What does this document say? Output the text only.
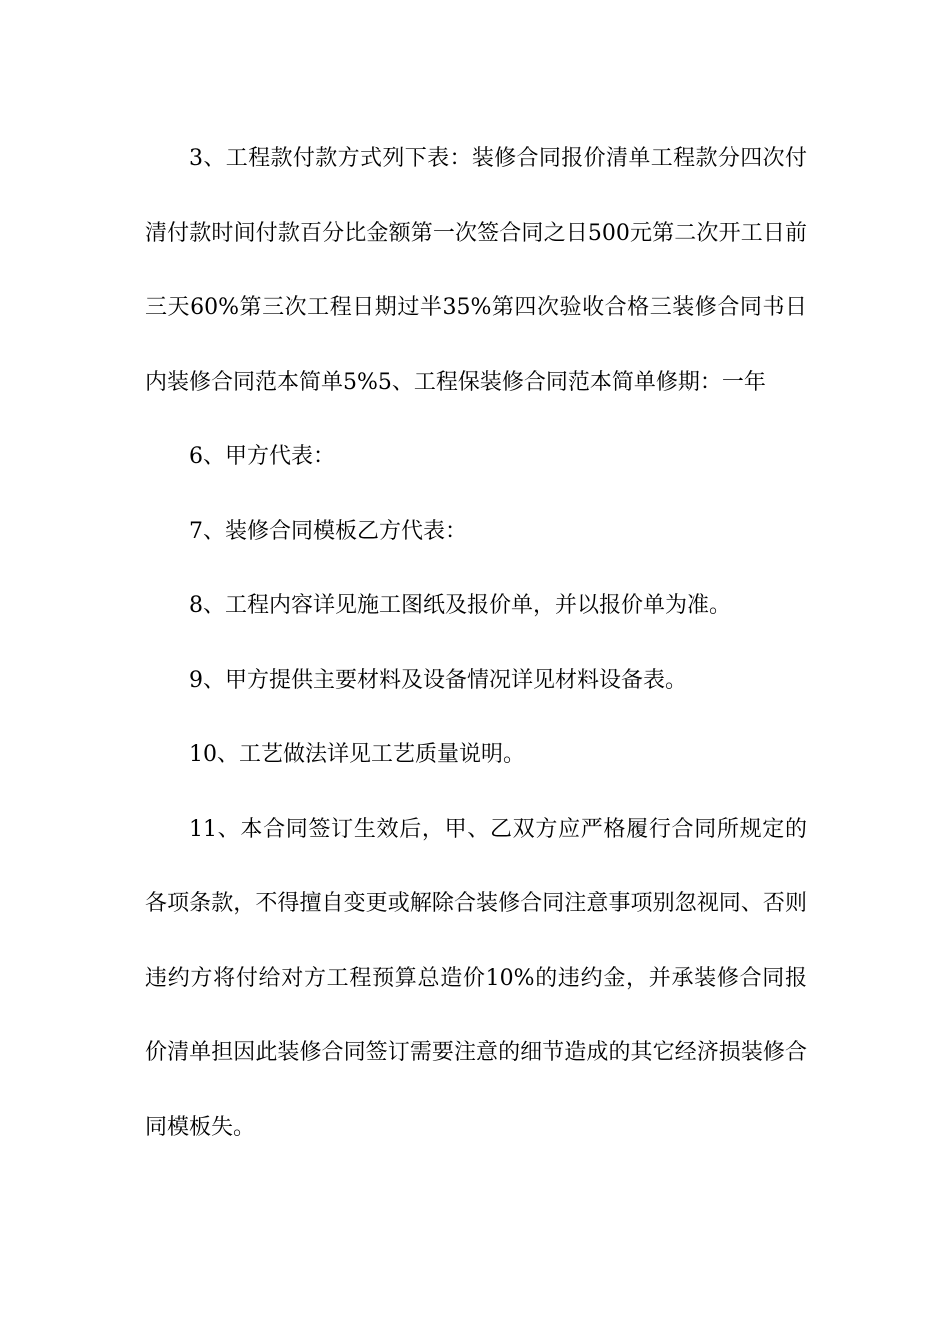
3、工程款付款方式列下表：装修合同报价清单工程款分四次付清付款时间付款百分比金额第一次签合同之日500元第二次开工日前三天60%第三次工程日期过半35%第四次验收合格三装修合同书日内装修合同范本简单5%5、工程保装修合同范本简单修期：一年

6、甲方代表：

7、装修合同模板乙方代表：

8、工程内容详见施工图纸及报价单，并以报价单为准。

9、甲方提供主要材料及设备情况详见材料设备表。

10、工艺做法详见工艺质量说明。

11、本合同签订生效后，甲、乙双方应严格履行合同所规定的各项条款，不得擅自变更或解除合装修合同注意事项别忽视同、否则违约方将付给对方工程预算总造价10%的违约金，并承装修合同报价清单担因此装修合同签订需要注意的细节造成的其它经济损装修合同模板失。
